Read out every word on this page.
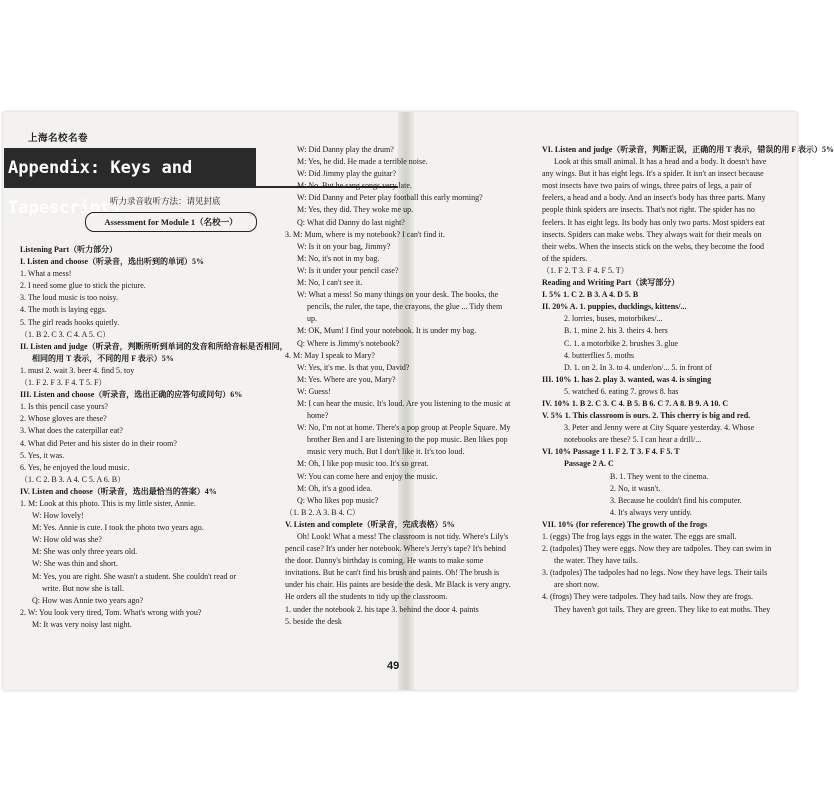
上海名校名卷
Appendix: Keys and Tapescripts
听力录音收听方法：请见封底
Assessment for Module 1（名校一）
Listening Part（听力部分）
I. Listen and choose（听录音，选出听到的单词）5%
1. What a mess!
2. I need some glue to stick the picture.
3. The loud music is too noisy.
4. The moth is laying eggs.
5. The girl reads books quietly.
（1. B 2. C 3. C 4. A 5. C）
II. Listen and judge（听录音，判断所听到单词的发音和所给音标是否相同，
相同的用 T 表示，不同的用 F 表示）5%
1. must 2. wait 3. beer 4. find 5. toy
（1. F 2. F 3. F 4. T 5. F）
III. Listen and choose（听录音，选出正确的应答句或问句）6%
1. Is this pencil case yours?
2. Whose gloves are these?
3. What does the caterpillar eat?
4. What did Peter and his sister do in their room?
5. Yes, it was.
6. Yes, he enjoyed the loud music.
（1. C 2. B 3. A 4. C 5. A 6. B）
IV. Listen and choose（听录音，选出最恰当的答案）4%
1. M: Look at this photo. This is my little sister, Annie.
W: How lovely!
M: Yes. Annie is cute. I took the photo two years ago.
W: How old was she?
M: She was only three years old.
W: She was thin and short.
M: Yes, you are right. She wasn't a student. She couldn't read or
write. But now she is tall.
Q: How was Annie two years ago?
2. W: You look very tired, Tom. What's wrong with you?
M: It was very noisy last night.
W: Did Danny play the drum?
M: Yes, he did. He made a terrible noise.
W: Did Jimmy play the guitar?
M: No. But he sang songs very late.
W: Did Danny and Peter play football this early morning?
M: Yes, they did. They woke me up.
Q: What did Danny do last night?
3. M: Mum, where is my notebook? I can't find it.
W: Is it on your bag, Jimmy?
M: No, it's not in my bag.
W: Is it under your pencil case?
M: No, I can't see it.
W: What a mess! So many things on your desk. The books, the
pencils, the ruler, the tape, the crayons, the glue ... Tidy them
up.
M: OK, Mum! I find your notebook. It is under my bag.
Q: Where is Jimmy's notebook?
4. M: May I speak to Mary?
W: Yes, it's me. Is that you, David?
M: Yes. Where are you, Mary?
W: Guess!
M: I can hear the music. It's loud. Are you listening to the music at
home?
W: No, I'm not at home. There's a pop group at People Square. My
brother Ben and I are listening to the pop music. Ben likes pop
music very much. But I don't like it. It's too loud.
M: Oh, I like pop music too. It's so great.
W: You can come here and enjoy the music.
M: Oh, it's a good idea.
Q: Who likes pop music?
（1. B 2. A 3. B 4. C）
V. Listen and complete（听录音，完成表格）5%
Oh! Look! What a mess! The classroom is not tidy. Where's Lily's
pencil case? It's under her notebook. Where's Jerry's tape? It's behind
the door. Danny's birthday is coming. He wants to make some
invitations. But he can't find his brush and paints. Oh! The brush is
under his chair. His paints are beside the desk. Mr Black is very angry.
He orders all the students to tidy up the classroom.
1. under the notebook 2. his tape 3. behind the door 4. paints
5. beside the desk
VI. Listen and judge（听录音，判断正误，正确的用 T 表示，错误的用 F 表示）5%
Look at this small animal. It has a head and a body. It doesn't have
any wings. But it has eight legs. It's a spider. It isn't an insect because
most insects have two pairs of wings, three pairs of legs, a pair of
feelers, a head and a body. And an insect's body has three parts. Many
people think spiders are insects. That's not right. The spider has no
feelers. It has eight legs. Its body has only two parts. Most spiders eat
insects. Spiders can make webs. They always wait for their meals on
their webs. When the insects stick on the webs, they become the food
of the spiders.
（1. F 2. T 3. F 4. F 5. T）
Reading and Writing Part（读写部分）
I. 5% 1. C 2. B 3. A 4. D 5. B
II. 20% A. 1. puppies, ducklings, kittens/...
2. lorries, buses, motorbikes/...
B. 1. mine 2. his 3. theirs 4. hers
C. 1. a motorbike 2. brushes 3. glue
4. butterflies 5. moths
D. 1. on 2. In 3. to 4. under/on/... 5. in front of
III. 10% 1. has 2. play 3. wanted, was 4. is singing
5. watched 6. eating 7. grows 8. has
IV. 10% 1. B 2. C 3. C 4. B 5. B 6. C 7. A 8. B 9. A 10. C
V. 5% 1. This classroom is ours. 2. This cherry is big and red.
3. Peter and Jenny were at City Square yesterday. 4. Whose
notebooks are these? 5. I can hear a drill/...
VI. 10% Passage 1 1. F 2. T 3. F 4. F 5. T
Passage 2 A. C
B. 1. They went to the cinema.
2. No, it wasn't.
3. Because he couldn't find his computer.
4. It's always very untidy.
VII. 10% (for reference) The growth of the frogs
1. (eggs) The frog lays eggs in the water. The eggs are small.
2. (tadpoles) They were eggs. Now they are tadpoles. They can swim in
the water. They have tails.
3. (tadpoles) The tadpoles had no legs. Now they have legs. Their tails
are short now.
4. (frogs) They were tadpoles. They had tails. Now they are frogs.
They haven't got tails. They are green. They like to eat moths. They
49
